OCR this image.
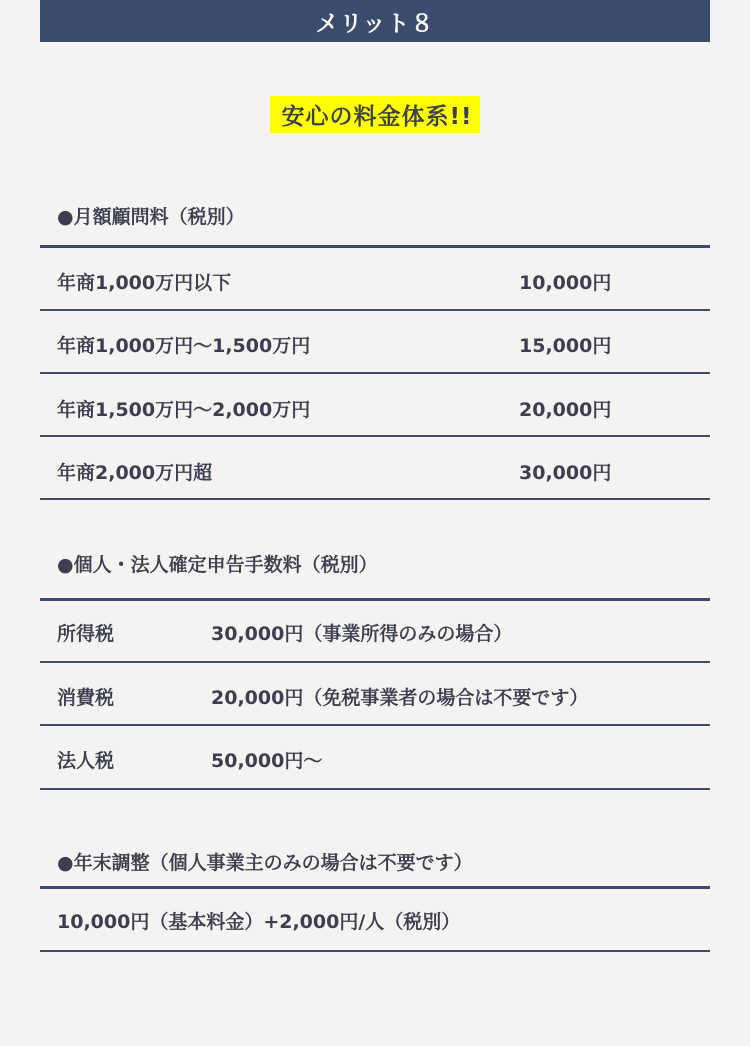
メリット８
安心の料金体系!!
●月額顧問料（税別）
年商1,000万円以下	10,000円
年商1,000万円～1,500万円	15,000円
年商1,500万円～2,000万円	20,000円
年商2,000万円超	30,000円
●個人・法人確定申告手数料（税別）
所得税	30,000円（事業所得のみの場合）
消費税	20,000円（免税事業者の場合は不要です）
法人税	50,000円～
●年末調整（個人事業主のみの場合は不要です）
10,000円（基本料金）+2,000円/人（税別）
